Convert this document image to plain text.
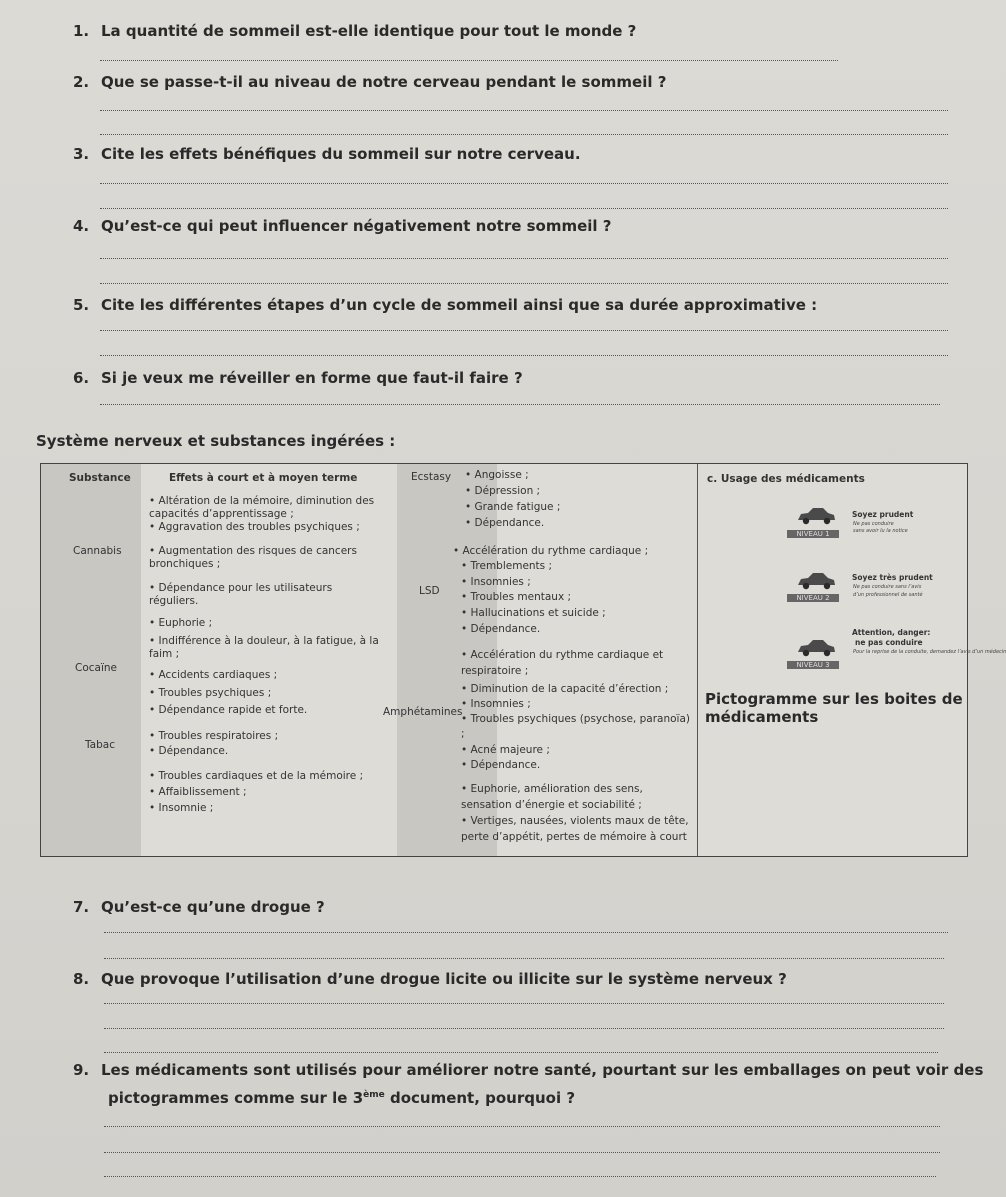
1. La quantité de sommeil est-elle identique pour tout le monde ?
2. Que se passe-t-il au niveau de notre cerveau pendant le sommeil ?
3. Cite les effets bénéfiques du sommeil sur notre cerveau.
4. Qu’est-ce qui peut influencer négativement notre sommeil ?
5. Cite les différentes étapes d’un cycle de sommeil ainsi que sa durée approximative :
6. Si je veux me réveiller en forme que faut-il faire ?
Système nerveux et substances ingérées :
Substance	Effets à court et à moyen terme
Cannabis
• Altération de la mémoire, diminution des
capacités d’apprentissage ;
• Aggravation des troubles psychiques ;
• Augmentation des risques de cancers
bronchiques ;
• Dépendance pour les utilisateurs
réguliers.
Cocaïne
• Euphorie ;
• Indifférence à la douleur, à la fatigue, à la
faim ;
• Accidents cardiaques ;
• Troubles psychiques ;
• Dépendance rapide et forte.
Tabac
• Troubles respiratoires ;
• Dépendance.
• Troubles cardiaques et de la mémoire ;
• Affaiblissement ;
• Insomnie ;
Ecstasy • Angoisse ;
• Dépression ;
• Grande fatigue ;
• Dépendance.
LSD
• Accélération du rythme cardiaque ;
• Tremblements ;
• Insomnies ;
• Troubles mentaux ;
• Hallucinations et suicide ;
• Dépendance.
Amphétamines
• Accélération du rythme cardiaque et
respiratoire ;
• Diminution de la capacité d’érection ;
• Insomnies ;
• Troubles psychiques (psychose, paranoïa)
;
• Acné majeure ;
• Dépendance.
• Euphorie, amélioration des sens,
sensation d’énergie et sociabilité ;
• Vertiges, nausées, violents maux de tête,
perte d’appétit, pertes de mémoire à court
c. Usage des médicaments
NIVEAU 1
Soyez prudent
Ne pas conduire
sans avoir lu la notice
NIVEAU 2
Soyez très prudent
Ne pas conduire sans l’avis
d’un professionnel de santé
NIVEAU 3
Attention, danger:
ne pas conduire
Pour la reprise de la conduite, demandez l’avis d’un médecin
Pictogramme sur les boites de
médicaments
7. Qu’est-ce qu’une drogue ?
8. Que provoque l’utilisation d’une drogue licite ou illicite sur le système nerveux ?
9. Les médicaments sont utilisés pour améliorer notre santé, pourtant sur les emballages on peut voir des
pictogrammes comme sur le 3ème document, pourquoi ?
